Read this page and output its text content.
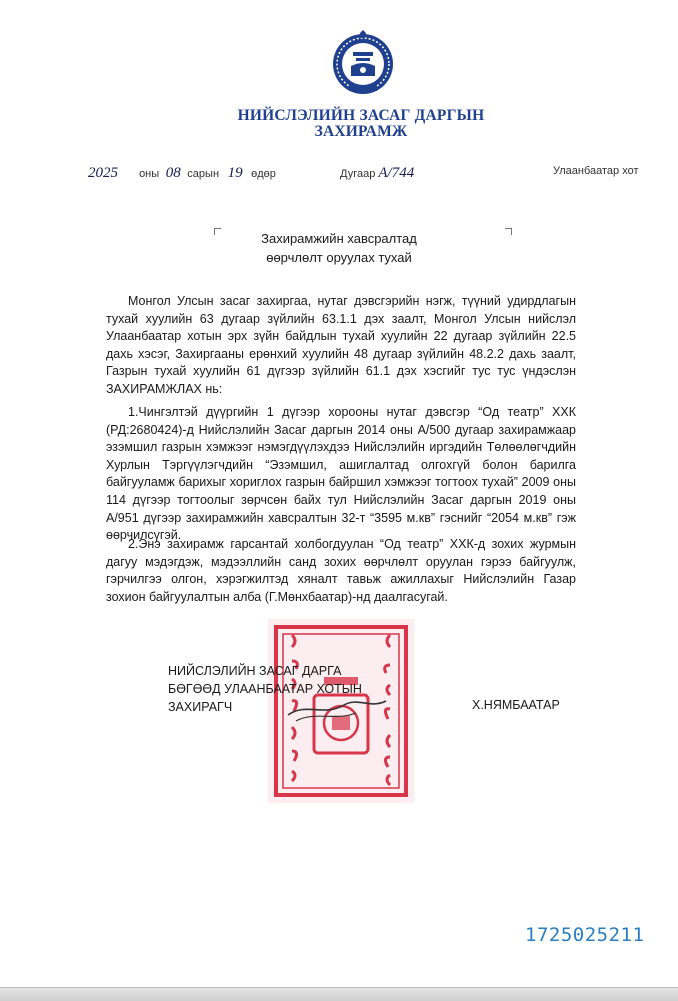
НИЙСЛЭЛИЙН ЗАСАГ ДАРГЫН
ЗАХИРАМЖ
2025 оны 08 сарын 19 өдөр	Дугаар А/744	Улаанбаатар хот
Захирамжийн хавсралтад
өөрчлөлт оруулах тухай

Монгол Улсын засаг захиргаа, нутаг дэвсгэрийн нэгж, түүний удирдлагын тухай хуулийн 63 дугаар зүйлийн 63.1.1 дэх заалт, Монгол Улсын нийслэл Улаанбаатар хотын эрх зүйн байдлын тухай хуулийн 22 дугаар зүйлийн 22.5 дахь хэсэг, Захиргааны ерөнхий хуулийн 48 дугаар зүйлийн 48.2.2 дахь заалт, Газрын тухай хуулийн 61 дүгээр зүйлийн 61.1 дэх хэсгийг тус тус үндэслэн ЗАХИРАМЖЛАХ нь:

1.Чингэлтэй дүүргийн 1 дүгээр хорооны нутаг дэвсгэр “Од театр” ХХК (РД:2680424)-д Нийслэлийн Засаг даргын 2014 оны А/500 дугаар захирамжаар эзэмшил газрын хэмжээг нэмэгдүүлэхдээ Нийслэлийн иргэдийн Төлөөлөгчдийн Хурлын Тэргүүлэгчдийн “Эзэмшил, ашиглалтад олгохгүй болон барилга байгууламж барихыг хориглох газрын байршил хэмжээг тогтоох тухай” 2009 оны 114 дүгээр тогтоолыг зөрчсөн байх тул Нийслэлийн Засаг даргын 2019 оны А/951 дүгээр захирамжийн хавсралтын 32-т “3595 м.кв” гэснийг “2054 м.кв” гэж өөрчилсүгэй.

2.Энэ захирамж гарсантай холбогдуулан “Од театр” ХХК-д зохих журмын дагуу мэдэгдэж, мэдээллийн санд зохих өөрчлөлт оруулан гэрээ байгуулж, гэрчилгээ олгон, хэрэгжилтэд хяналт тавьж ажиллахыг Нийслэлийн Газар зохион байгуулалтын алба (Г.Мөнхбаатар)-нд даалгасугай.

НИЙСЛЭЛИЙН ЗАСАГ ДАРГА
БӨГӨӨД УЛААНБААТАР ХОТЫН
ЗАХИРАГЧ	Х.НЯМБААТАР
1725025211
